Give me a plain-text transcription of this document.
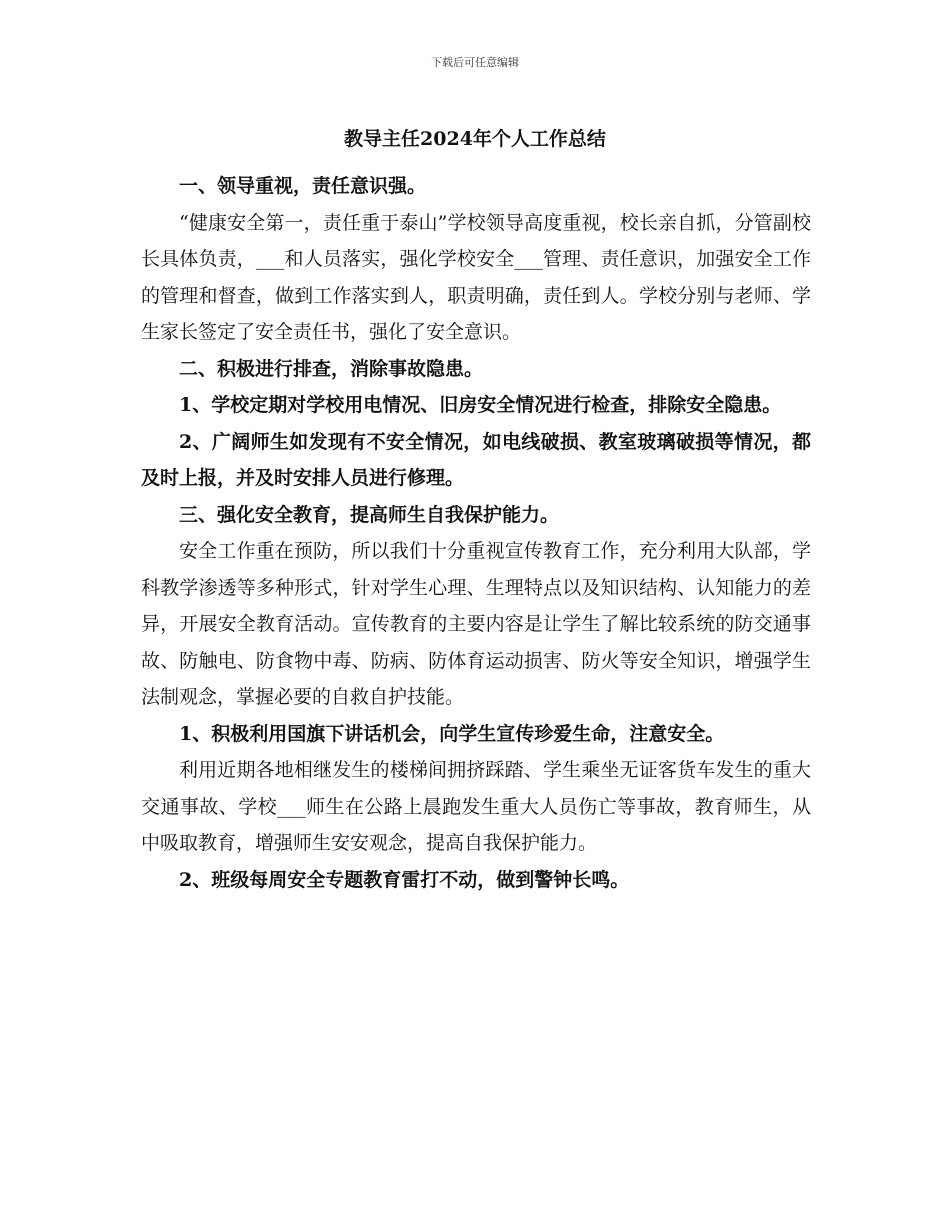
下载后可任意编辑
教导主任2024年个人工作总结

一、领导重视，责任意识强。

“健康安全第一，责任重于泰山”学校领导高度重视，校长亲自抓，分管副校长具体负责，___和人员落实，强化学校安全___管理、责任意识，加强安全工作的管理和督查，做到工作落实到人，职责明确，责任到人。学校分别与老师、学生家长签定了安全责任书，强化了安全意识。

二、积极进行排查，消除事故隐患。

1、学校定期对学校用电情况、旧房安全情况进行检查，排除安全隐患。

2、广阔师生如发现有不安全情况，如电线破损、教室玻璃破损等情况，都及时上报，并及时安排人员进行修理。

三、强化安全教育，提高师生自我保护能力。

安全工作重在预防，所以我们十分重视宣传教育工作，充分利用大队部，学科教学渗透等多种形式，针对学生心理、生理特点以及知识结构、认知能力的差异，开展安全教育活动。宣传教育的主要内容是让学生了解比较系统的防交通事故、防触电、防食物中毒、防病、防体育运动损害、防火等安全知识，增强学生法制观念，掌握必要的自救自护技能。

1、积极利用国旗下讲话机会，向学生宣传珍爱生命，注意安全。

利用近期各地相继发生的楼梯间拥挤踩踏、学生乘坐无证客货车发生的重大交通事故、学校___师生在公路上晨跑发生重大人员伤亡等事故，教育师生，从中吸取教育，增强师生安安观念，提高自我保护能力。

2、班级每周安全专题教育雷打不动，做到警钟长鸣。
